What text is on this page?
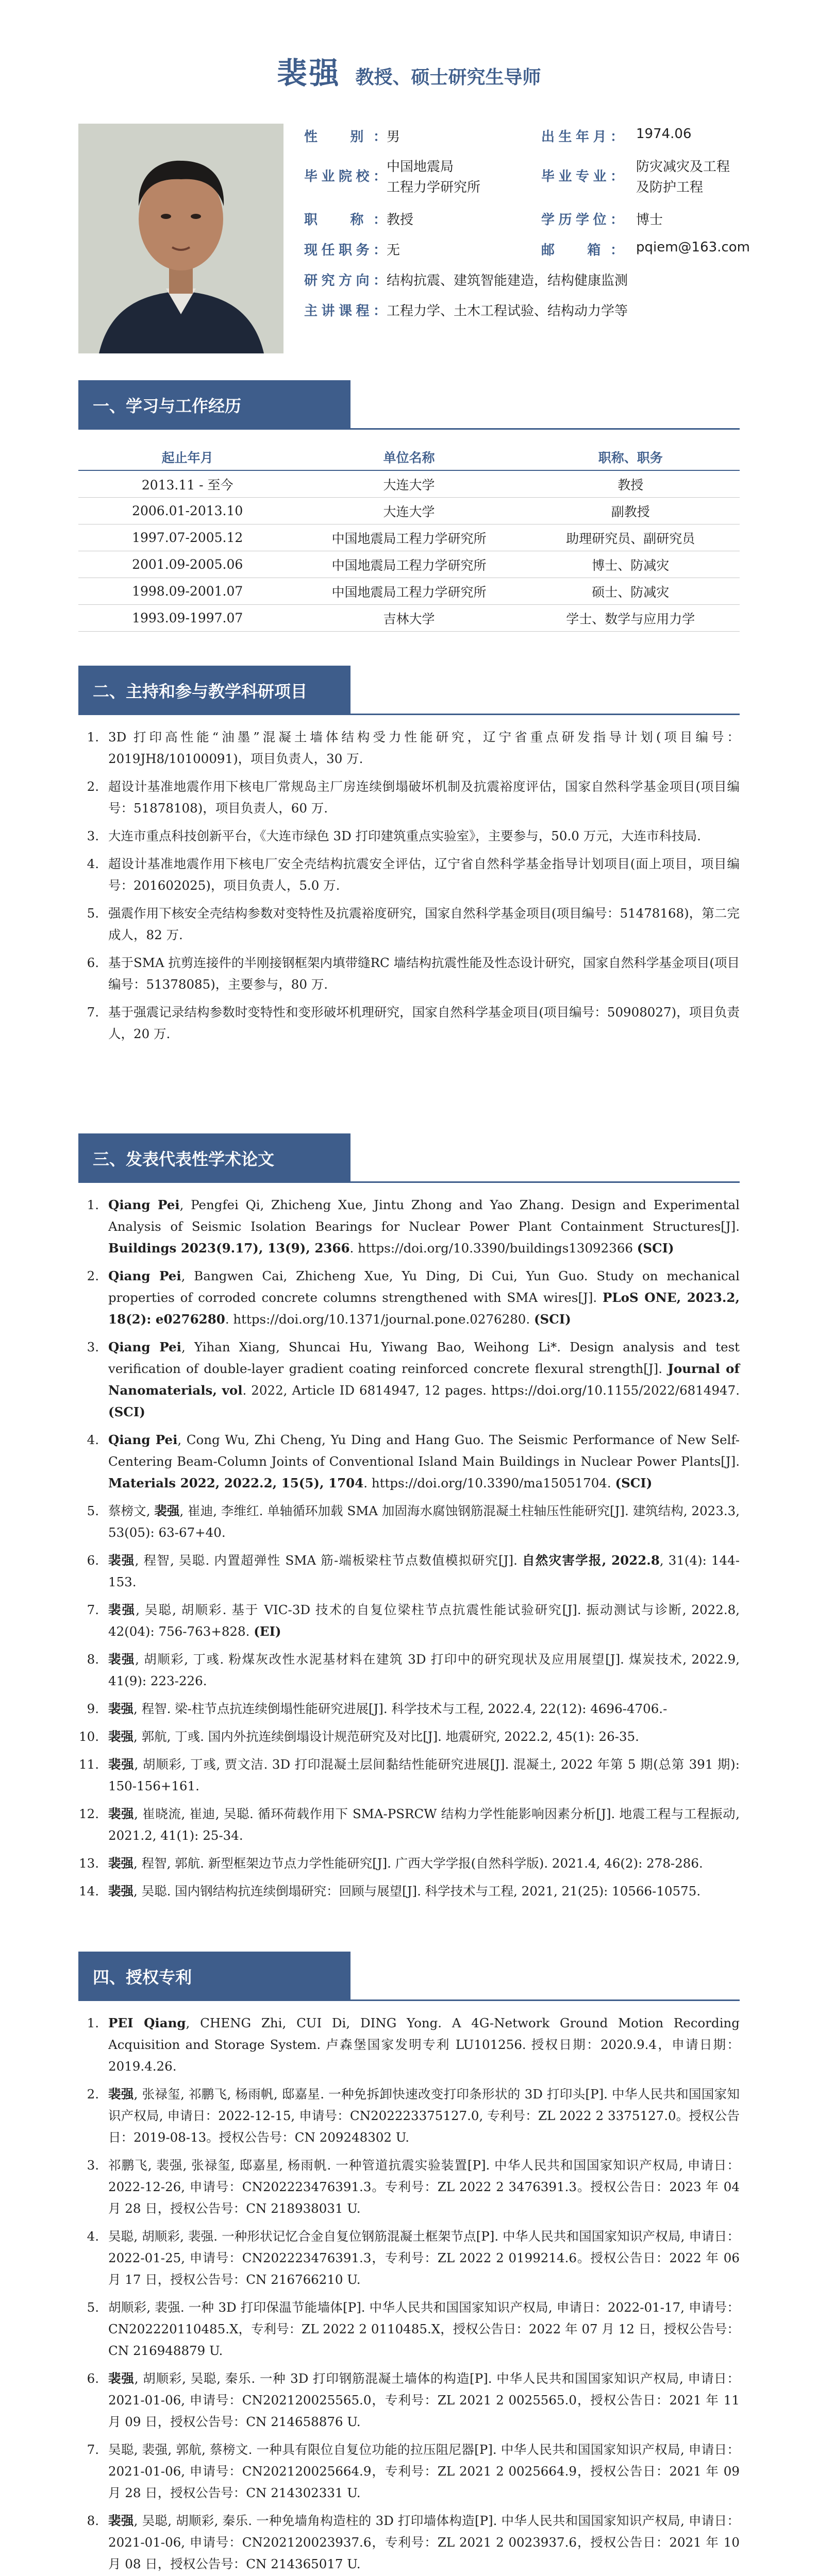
裴强 教授、硕士研究生导师
性　别： 男	出生年月： 1974.06
毕业院校：
中国地震局
工程力学研究所
毕业专业：
防灾减灾及工程
及防护工程
职　称： 教授	学历学位： 博士
现任职务： 无	邮　箱： pqiem@163.com
研究方向： 结构抗震、建筑智能建造，结构健康监测
主讲课程： 工程力学、土木工程试验、结构动力学等
一、学习与工作经历
起止年月	单位名称	职称、职务
2013.11 - 至今	大连大学	教授
2006.01-2013.10	大连大学	副教授
1997.07-2005.12	中国地震局工程力学研究所	助理研究员、副研究员
2001.09-2005.06	中国地震局工程力学研究所	博士、防减灾
1998.09-2001.07	中国地震局工程力学研究所	硕士、防减灾
1993.09-1997.07	吉林大学	学士、数学与应用力学
二、主持和参与教学科研项目
1. 3D 打印高性能“油墨”混凝土墙体结构受力性能研究，辽宁省重点研发指导计划(项目编号：2019JH8/10100091)，项目负责人，30 万.
2. 超设计基准地震作用下核电厂常规岛主厂房连续倒塌破坏机制及抗震裕度评估，国家自然科学基金项目(项目编号：51878108)，项目负责人，60 万.
3. 大连市重点科技创新平台，《大连市绿色 3D 打印建筑重点实验室》，主要参与，50.0 万元，大连市科技局.
4. 超设计基准地震作用下核电厂安全壳结构抗震安全评估，辽宁省自然科学基金指导计划项目(面上项目，项目编号：201602025)，项目负责人，5.0 万.
5. 强震作用下核安全壳结构参数对变特性及抗震裕度研究，国家自然科学基金项目(项目编号：51478168)，第二完成人，82 万.
6. 基于SMA 抗剪连接件的半刚接钢框架内填带缝RC 墙结构抗震性能及性态设计研究，国家自然科学基金项目(项目编号：51378085)，主要参与，80 万.
7. 基于强震记录结构参数时变特性和变形破坏机理研究，国家自然科学基金项目(项目编号：50908027)，项目负责人，20 万.
三、发表代表性学术论文
1. Qiang Pei, Pengfei Qi, Zhicheng Xue, Jintu Zhong and Yao Zhang. Design and Experimental Analysis of Seismic Isolation Bearings for Nuclear Power Plant Containment Structures[J]. Buildings 2023(9.17), 13(9), 2366. https://doi.org/10.3390/buildings13092366 (SCI)
2. Qiang Pei, Bangwen Cai, Zhicheng Xue, Yu Ding, Di Cui, Yun Guo. Study on mechanical properties of corroded concrete columns strengthened with SMA wires[J]. PLoS ONE, 2023.2, 18(2): e0276280. https://doi.org/10.1371/journal.pone.0276280. (SCI)
3. Qiang Pei, Yihan Xiang, Shuncai Hu, Yiwang Bao, Weihong Li*. Design analysis and test verification of double-layer gradient coating reinforced concrete flexural strength[J]. Journal of Nanomaterials, vol. 2022, Article ID 6814947, 12 pages. https://doi.org/10.1155/2022/6814947. (SCI)
4. Qiang Pei, Cong Wu, Zhi Cheng, Yu Ding and Hang Guo. The Seismic Performance of New Self-Centering Beam-Column Joints of Conventional Island Main Buildings in Nuclear Power Plants[J]. Materials 2022, 2022.2, 15(5), 1704. https://doi.org/10.3390/ma15051704. (SCI)
5. 蔡榜文, 裴强, 崔迪, 李维红. 单轴循环加载 SMA 加固海水腐蚀钢筋混凝土柱轴压性能研究[J]. 建筑结构, 2023.3, 53(05): 63-67+40.
6. 裴强, 程智, 吴聪. 内置超弹性 SMA 筋-端板梁柱节点数值模拟研究[J]. 自然灾害学报, 2022.8, 31(4): 144-153.
7. 裴强, 吴聪, 胡顺彩. 基于 VIC-3D 技术的自复位梁柱节点抗震性能试验研究[J]. 振动测试与诊断, 2022.8, 42(04): 756-763+828. (EI)
8. 裴强, 胡顺彩, 丁彧. 粉煤灰改性水泥基材料在建筑 3D 打印中的研究现状及应用展望[J]. 煤炭技术, 2022.9, 41(9): 223-226.
9. 裴强, 程智. 梁-柱节点抗连续倒塌性能研究进展[J]. 科学技术与工程, 2022.4, 22(12): 4696-4706.-
10. 裴强, 郭航, 丁彧. 国内外抗连续倒塌设计规范研究及对比[J]. 地震研究, 2022.2, 45(1): 26-35.
11. 裴强, 胡顺彩, 丁彧, 贾文洁. 3D 打印混凝土层间黏结性能研究进展[J]. 混凝土, 2022 年第 5 期(总第 391 期): 150-156+161.
12. 裴强, 崔晓流, 崔迪, 吴聪. 循环荷载作用下 SMA-PSRCW 结构力学性能影响因素分析[J]. 地震工程与工程振动, 2021.2, 41(1): 25-34.
13. 裴强, 程智, 郭航. 新型框架边节点力学性能研究[J]. 广西大学学报(自然科学版). 2021.4, 46(2): 278-286.
14. 裴强, 吴聪. 国内钢结构抗连续倒塌研究：回顾与展望[J]. 科学技术与工程, 2021, 21(25): 10566-10575.
四、授权专利
1. PEI Qiang, CHENG Zhi, CUI Di, DING Yong. A 4G-Network Ground Motion Recording Acquisition and Storage System. 卢森堡国家发明专利 LU101256. 授权日期：2020.9.4，申请日期：2019.4.26.
2. 裴强, 张禄玺, 祁鹏飞, 杨雨帆, 邸嘉星. 一种免拆卸快速改变打印条形状的 3D 打印头[P]. 中华人民共和国国家知识产权局, 申请日：2022-12-15, 申请号：CN202223375127.0, 专利号：ZL 2022 2 3375127.0。授权公告日：2019-08-13。授权公告号：CN 209248302 U.
3. 祁鹏飞, 裴强, 张禄玺, 邸嘉星, 杨雨帆. 一种管道抗震实验装置[P]. 中华人民共和国国家知识产权局, 申请日：2022-12-26, 申请号：CN202223476391.3。专利号：ZL 2022 2 3476391.3。授权公告日：2023 年 04 月 28 日，授权公告号：CN 218938031 U.
4. 吴聪, 胡顺彩, 裴强. 一种形状记忆合金自复位钢筋混凝土框架节点[P]. 中华人民共和国国家知识产权局, 申请日：2022-01-25, 申请号：CN202223476391.3，专利号：ZL 2022 2 0199214.6。授权公告日：2022 年 06 月 17 日，授权公告号：CN 216766210 U.
5. 胡顺彩, 裴强. 一种 3D 打印保温节能墙体[P]. 中华人民共和国国家知识产权局, 申请日：2022-01-17, 申请号：CN202220110485.X，专利号：ZL 2022 2 0110485.X，授权公告日：2022 年 07 月 12 日，授权公告号：CN 216948879 U.
6. 裴强, 胡顺彩, 吴聪, 秦乐. 一种 3D 打印钢筋混凝土墙体的构造[P]. 中华人民共和国国家知识产权局, 申请日：2021-01-06, 申请号：CN202120025565.0，专利号：ZL 2021 2 0025565.0，授权公告日：2021 年 11 月 09 日，授权公告号：CN 214658876 U.
7. 吴聪, 裴强, 郭航, 蔡榜文. 一种具有限位自复位功能的拉压阻尼器[P]. 中华人民共和国国家知识产权局, 申请日：2021-01-06, 申请号：CN202120025664.9，专利号：ZL 2021 2 0025664.9，授权公告日：2021 年 09 月 28 日，授权公告号：CN 214302331 U.
8. 裴强, 吴聪, 胡顺彩, 秦乐. 一种免墙角构造柱的 3D 打印墙体构造[P]. 中华人民共和国国家知识产权局, 申请日：2021-01-06, 申请号：CN202120023937.6，专利号：ZL 2021 2 0023937.6，授权公告日：2021 年 10 月 08 日，授权公告号：CN 214365017 U.
